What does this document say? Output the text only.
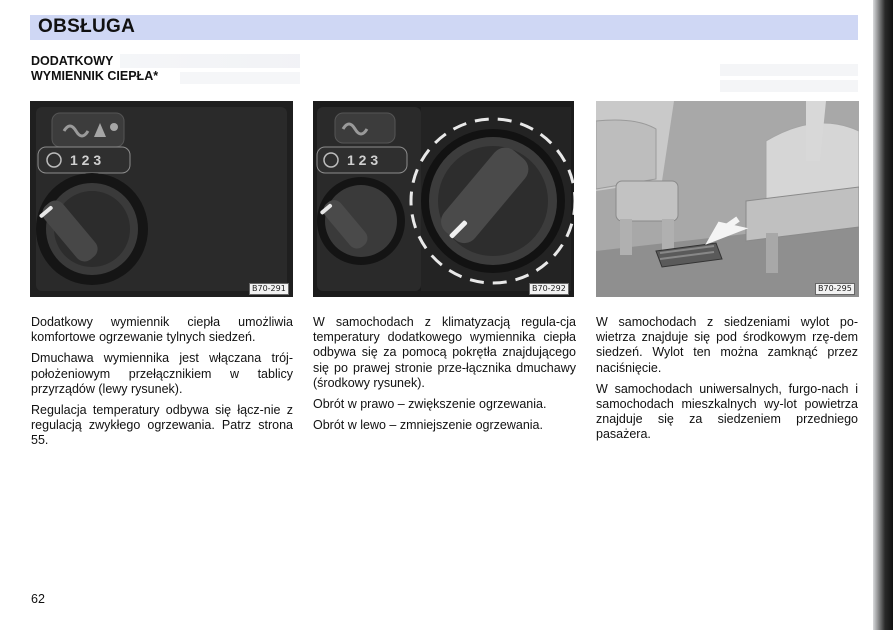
OBSŁUGA
DODATKOWY
WYMIENNIK CIEPŁA*
1 2 3
B70-291
1 2 3
B70-292	B70-295

Dodatkowy wymiennik ciepła umożliwia komfortowe ogrzewanie tylnych siedzeń.

Dmuchawa wymiennika jest włączana trój-położeniowym przełącznikiem w tablicy przyrządów (lewy rysunek).

Regulacja temperatury odbywa się łącz-nie z regulacją zwykłego ogrzewania. Patrz strona 55.

W samochodach z klimatyzacją regula-cja temperatury dodatkowego wymiennika ciepła odbywa się za pomocą pokrętła znajdującego się po prawej stronie prze-łącznika dmuchawy (środkowy rysunek).

Obrót w prawo – zwiększenie ogrzewania.

Obrót w lewo – zmniejszenie ogrzewania.

W samochodach z siedzeniami wylot po-wietrza znajduje się pod środkowym rzę-dem siedzeń. Wylot ten można zamknąć przez naciśnięcie.

W samochodach uniwersalnych, furgo-nach i samochodach mieszkalnych wy-lot powietrza znajduje się za siedzeniem przedniego pasażera.

62
